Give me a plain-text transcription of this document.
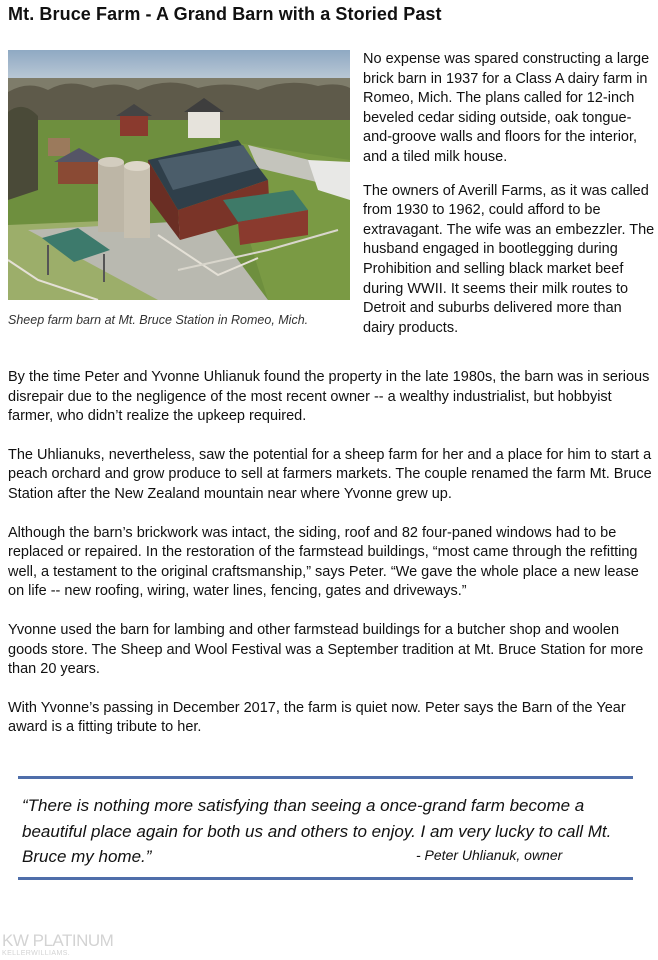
Mt. Bruce Farm - A Grand Barn with a Storied Past
Sheep farm barn at Mt. Bruce Station in Romeo, Mich.

No expense was spared constructing a large brick barn in 1937 for a Class A dairy farm in Romeo, Mich. The plans called for 12-inch beveled cedar siding outside, oak tongue-and-groove walls and floors for the interior, and a tiled milk house.

The owners of Averill Farms, as it was called from 1930 to 1962, could afford to be extravagant. The wife was an embezzler. The husband engaged in bootlegging during Prohibition and selling black market beef during WWII. It seems their milk routes to Detroit and suburbs delivered more than dairy products.

By the time Peter and Yvonne Uhlianuk found the property in the late 1980s, the barn was in serious disrepair due to the negligence of the most recent owner -- a wealthy industrialist, but hobbyist farmer, who didn’t realize the upkeep required.

The Uhlianuks, nevertheless, saw the potential for a sheep farm for her and a place for him to start a peach orchard and grow produce to sell at farmers markets. The couple renamed the farm Mt. Bruce Station after the New Zealand mountain near where Yvonne grew up.

Although the barn’s brickwork was intact, the siding, roof and 82 four-paned windows had to be replaced or repaired. In the restoration of the farmstead buildings, “most came through the refitting well, a testament to the original craftsmanship,” says Peter. “We gave the whole place a new lease on life -- new roofing, wiring, water lines, fencing, gates and driveways.”

Yvonne used the barn for lambing and other farmstead buildings for a butcher shop and woolen goods store. The Sheep and Wool Festival was a September tradition at Mt. Bruce Station for more than 20 years.

With Yvonne’s passing in December 2017, the farm is quiet now. Peter says the Barn of the Year award is a fitting tribute to her.

“There is nothing more satisfying than seeing a once-grand farm become a beautiful place again for both us and others to enjoy. I am very lucky to call Mt. Bruce my home.”	- Peter Uhlianuk, owner
KW PLATINUM
KELLERWILLIAMS.
